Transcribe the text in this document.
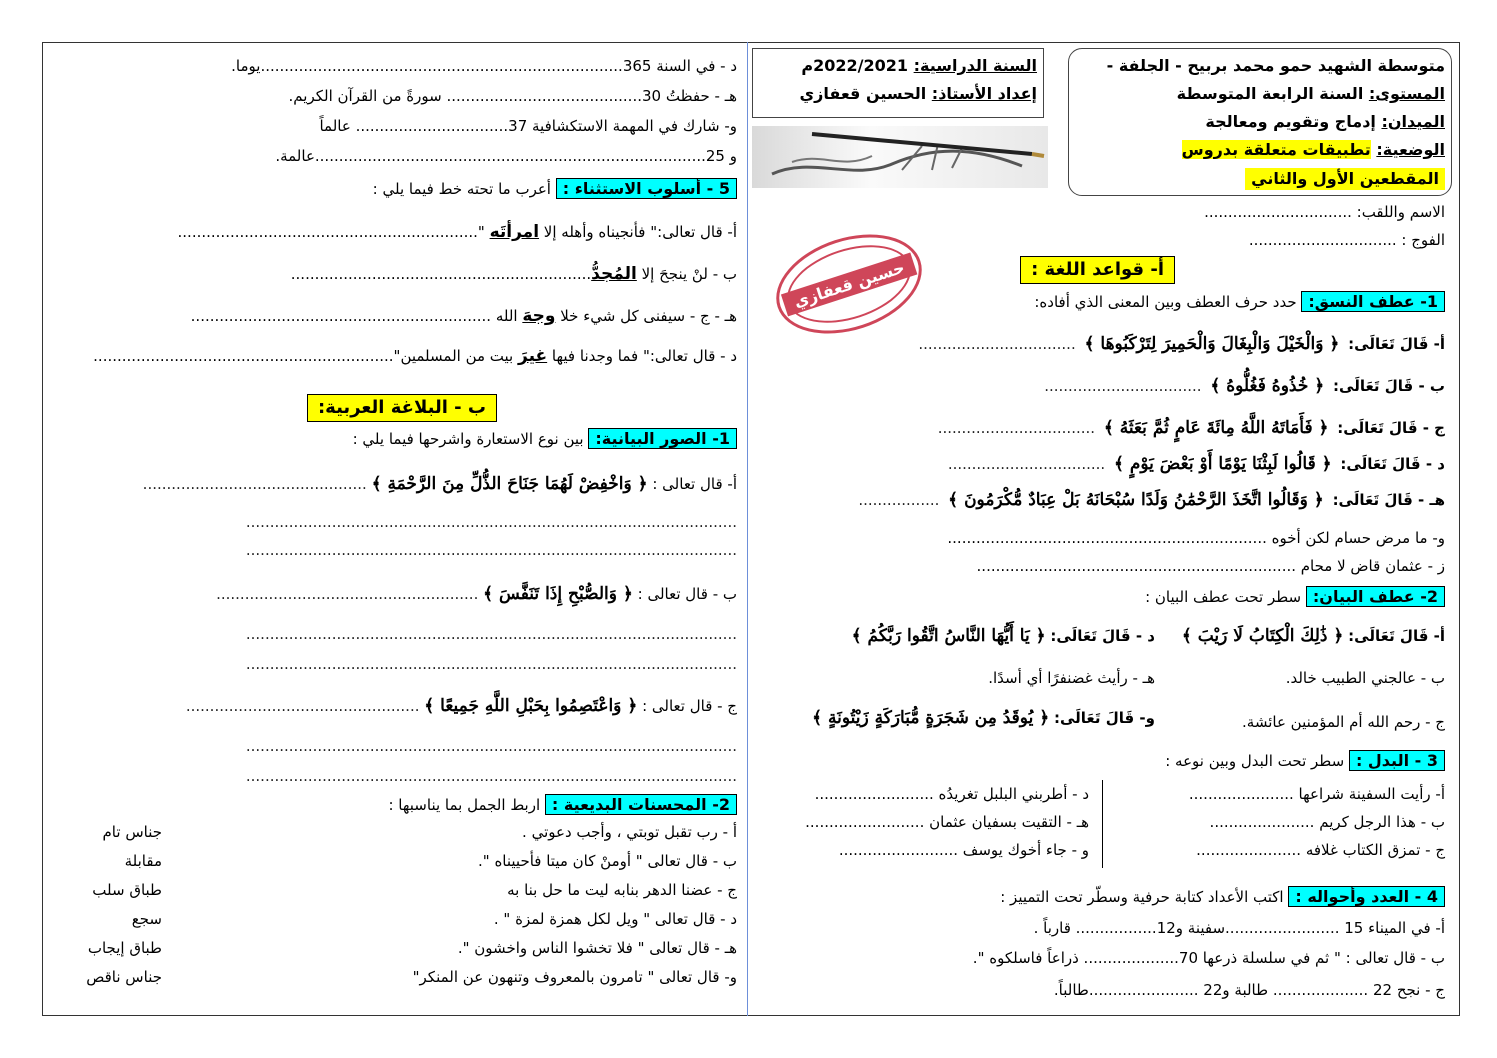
متوسطة الشهيد حمو محمد بربيح - الجلفة -
المستوى: السنة الرابعة المتوسطة
الميدان: إدماج وتقويم ومعالجة
الوضعية: تطبيقات متعلقة بدروس
المقطعين الأول والثاني
السنة الدراسية: 2022/2021م
إعداد الأستاذ: الحسين قعفازي
الاسم واللقب: ...............................
الفوج : ...............................
حسين قعفازي	أ- قواعد اللغة :
1- عطف النسق: حدد حرف العطف وبين المعنى الذي أفاده:
أ- قَالَ تَعَالَى: ﴿ وَالْخَيْلَ وَالْبِغَالَ وَالْحَمِيرَ لِتَرْكَبُوهَا ﴾ .................................
ب - قَالَ تَعَالَى: ﴿ خُذُوهُ فَغُلُّوهُ ﴾ .................................
ج - قَالَ تَعَالَى: ﴿ فَأَمَاتَهُ اللَّهُ مِائَةَ عَامٍ ثُمَّ بَعَثَهُ ﴾ .................................
د - قَالَ تَعَالَى: ﴿ قَالُوا لَبِثْنَا يَوْمًا أَوْ بَعْضَ يَوْمٍ ﴾ .................................
هـ - قَالَ تَعَالَى: ﴿ وَقَالُوا اتَّخَذَ الرَّحْمَٰنُ وَلَدًا سُبْحَانَهُ بَلْ عِبَادٌ مُّكْرَمُونَ ﴾ .................
و- ما مرض حسام لكن أخوه ...................................................................
ز - عثمان قاض لا محام ...................................................................
2- عطف البيان: سطر تحت عطف البيان :
أ- قَالَ تَعَالَى: ﴿ ذَٰلِكَ الْكِتَابُ لَا رَيْبَ ﴾
د - قَالَ تَعَالَى: ﴿ يَا أَيُّهَا النَّاسُ اتَّقُوا رَبَّكُمُ ﴾
ب - عالجني الطبيب خالد.
هـ - رأيث غضنفرًا أي أسدًا.
ج - رحم الله أم المؤمنين عائشة.
و- قَالَ تَعَالَى: ﴿ يُوقَدُ مِن شَجَرَةٍ مُّبَارَكَةٍ زَيْتُونَةٍ ﴾
3 - البدل : سطر تحت البدل وبين نوعه :
أ- رأيت السفينة شراعها ......................
ب - هذا الرجل كريم ......................
ج - تمزق الكتاب غلافه ......................
د - أطربني البلبل تغريدُه .........................
هـ - التقيت بسفيان عثمان .........................
و - جاء أخوك يوسف .........................
4 - العدد وأحواله : اكتب الأعداد كتابة حرفية وسطّر تحت التمييز :
أ- في الميناء 15 ........................سفينة و12................. قارباً .
ب - قال تعالى : " ثم في سلسلة ذرعها 70.................... ذراعاً فاسلكوه ".
ج - نجح 22 .................... طالبة و22 .......................طالباً.
د - في السنة 365............................................................................يوما.
هـ - حفظتُ 30......................................... سورةً من القرآن الكريم.
و- شارك في المهمة الاستكشافية 37................................ عالماً
و 25..................................................................................عالمة.
5 - أسلوب الاستثناء : أعرب ما تحته خط فيما يلي :
أ- قال تعالى:" فأنجيناه وأهله إلا امرأتَه "...............................................................
ب - لنْ ينجحَ إلا المُجدُّ...............................................................
هـ - ج - سيفنى كل شيء خلا وجهَ الله ...............................................................
د - قال تعالى:" فما وجدنا فيها غيرَ بيت من المسلمين"...............................................................
ب - البلاغة العربية:
1- الصور البيانية: بين نوع الاستعارة واشرحها فيما يلي :
أ- قال تعالى : ﴿ وَاخْفِضْ لَهُمَا جَنَاحَ الذُّلِّ مِنَ الرَّحْمَةِ ﴾ ...............................................
.......................................................................................................
.......................................................................................................
ب - قال تعالى : ﴿ وَالصُّبْحِ إِذَا تَنَفَّسَ ﴾ .......................................................
.......................................................................................................
.......................................................................................................
ج - قال تعالى : ﴿ وَاعْتَصِمُوا بِحَبْلِ اللَّهِ جَمِيعًا ﴾ .................................................
.......................................................................................................
.......................................................................................................
2- المحسنات البديعية : اربط الجمل بما يناسبها :
أ - رب تقبل توبتي ، وأجب دعوتي .
ب - قال تعالى " أومنْ كان ميتا فأحييناه ".
ج - عضنا الدهر بنابه ليت ما حل بنا به
د - قال تعالى " ويل لكل همزة لمزة " .
هـ - قال تعالى " فلا تخشوا الناس واخشون ".
و- قال تعالى " تامرون بالمعروف وتنهون عن المنكر"
جناس تام
مقابلة
طباق سلب
سجع
طباق إيجاب
جناس ناقص
